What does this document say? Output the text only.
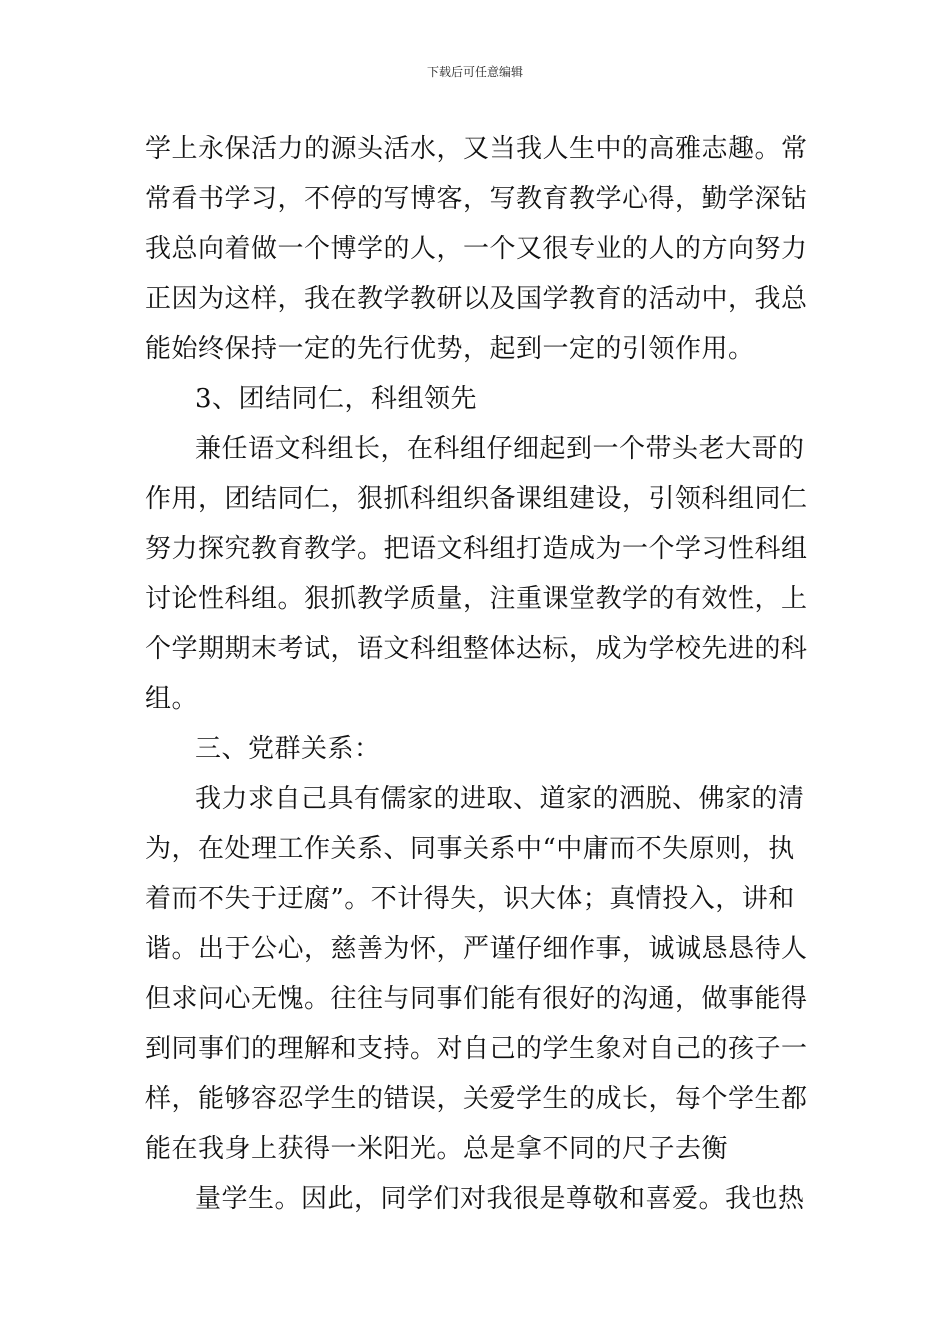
下载后可任意编辑
学上永保活力的源头活水，又当我人生中的高雅志趣。常
常看书学习，不停的写博客，写教育教学心得，勤学深钻
我总向着做一个博学的人，一个又很专业的人的方向努力
正因为这样，我在教学教研以及国学教育的活动中，我总
能始终保持一定的先行优势，起到一定的引领作用。
3、团结同仁，科组领先
兼任语文科组长，在科组仔细起到一个带头老大哥的
作用，团结同仁，狠抓科组织备课组建设，引领科组同仁
努力探究教育教学。把语文科组打造成为一个学习性科组
讨论性科组。狠抓教学质量，注重课堂教学的有效性，上
个学期期末考试，语文科组整体达标，成为学校先进的科
组。
三、党群关系：
我力求自己具有儒家的进取、道家的洒脱、佛家的清
为，在处理工作关系、同事关系中“中庸而不失原则，执
着而不失于迂腐”。不计得失，识大体；真情投入，讲和
谐。出于公心，慈善为怀，严谨仔细作事，诚诚恳恳待人
但求问心无愧。往往与同事们能有很好的沟通，做事能得
到同事们的理解和支持。对自己的学生象对自己的孩子一
样，能够容忍学生的错误，关爱学生的成长，每个学生都
能在我身上获得一米阳光。总是拿不同的尺子去衡
量学生。因此，同学们对我很是尊敬和喜爱。我也热
